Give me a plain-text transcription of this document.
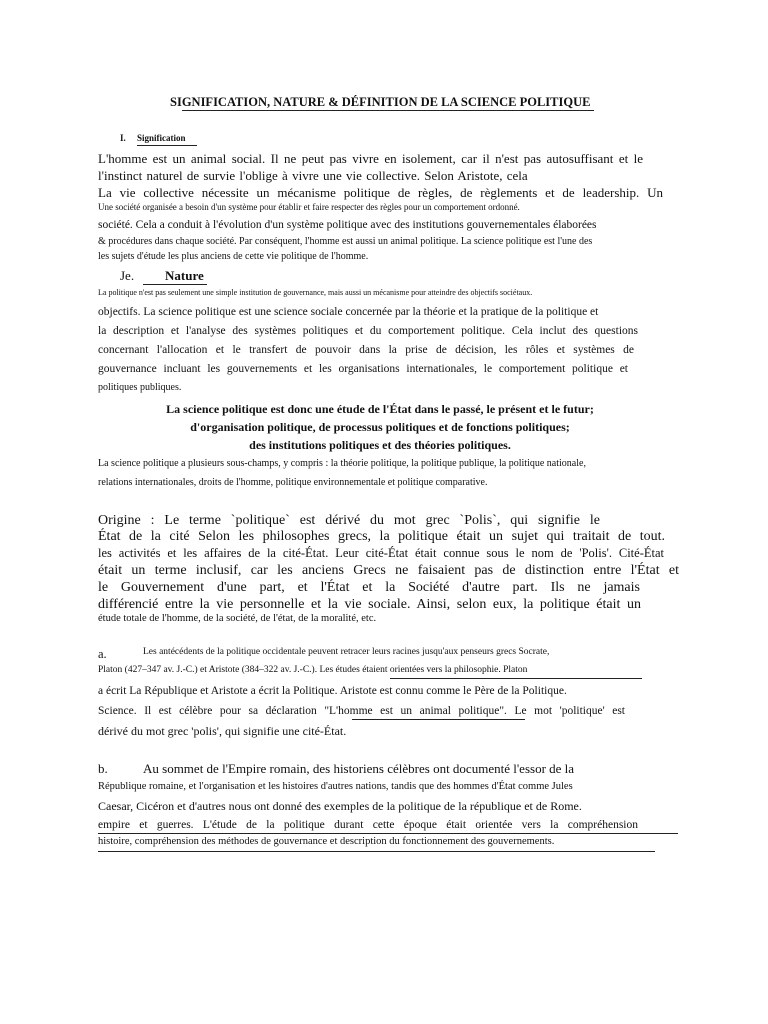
SIGNIFICATION, NATURE & DÉFINITION DE LA SCIENCE POLITIQUE
I. Signification
L'homme est un animal social. Il ne peut pas vivre en isolement, car il n'est pas autosuffisant et le
l'instinct naturel de survie l'oblige à vivre une vie collective. Selon Aristote, cela
La vie collective nécessite un mécanisme politique de règles, de règlements et de leadership. Un
Une société organisée a besoin d'un système pour établir et faire respecter des règles pour un comportement ordonné.
société. Cela a conduit à l'évolution d'un système politique avec des institutions gouvernementales élaborées
& procédures dans chaque société. Par conséquent, l'homme est aussi un animal politique. La science politique est l'une des
les sujets d'étude les plus anciens de cette vie politique de l'homme.
Je. Nature
La politique n'est pas seulement une simple institution de gouvernance, mais aussi un mécanisme pour atteindre des objectifs sociétaux.
objectifs. La science politique est une science sociale concernée par la théorie et la pratique de la politique et
la description et l'analyse des systèmes politiques et du comportement politique. Cela inclut des questions
concernant l'allocation et le transfert de pouvoir dans la prise de décision, les rôles et systèmes de
gouvernance incluant les gouvernements et les organisations internationales, le comportement politique et
politiques publiques.
La science politique est donc une étude de l'État dans le passé, le présent et le futur;
d'organisation politique, de processus politiques et de fonctions politiques;
des institutions politiques et des théories politiques.
La science politique a plusieurs sous-champs, y compris : la théorie politique, la politique publique, la politique nationale,
relations internationales, droits de l'homme, politique environnementale et politique comparative.
Origine : Le terme `politique` est dérivé du mot grec `Polis`, qui signifie le
État de la cité Selon les philosophes grecs, la politique était un sujet qui traitait de tout.
les activités et les affaires de la cité-État. Leur cité-État était connue sous le nom de 'Polis'. Cité-État
était un terme inclusif, car les anciens Grecs ne faisaient pas de distinction entre l'État et
le Gouvernement d'une part, et l'État et la Société d'autre part. Ils ne jamais
différencié entre la vie personnelle et la vie sociale. Ainsi, selon eux, la politique était un
étude totale de l'homme, de la société, de l'état, de la moralité, etc.
a.	Les antécédents de la politique occidentale peuvent retracer leurs racines jusqu'aux penseurs grecs Socrate,
Platon (427–347 av. J.-C.) et Aristote (384–322 av. J.-C.). Les études étaient orientées vers la philosophie. Platon
a écrit La République et Aristote a écrit la Politique. Aristote est connu comme le Père de la Politique.
Science. Il est célèbre pour sa déclaration "L'homme est un animal politique". Le mot 'politique' est
dérivé du mot grec 'polis', qui signifie une cité-État.
b.	Au sommet de l'Empire romain, des historiens célèbres ont documenté l'essor de la
République romaine, et l'organisation et les histoires d'autres nations, tandis que des hommes d'État comme Jules
Caesar, Cicéron et d'autres nous ont donné des exemples de la politique de la république et de Rome.
empire et guerres. L'étude de la politique durant cette époque était orientée vers la compréhension
histoire, compréhension des méthodes de gouvernance et description du fonctionnement des gouvernements.
